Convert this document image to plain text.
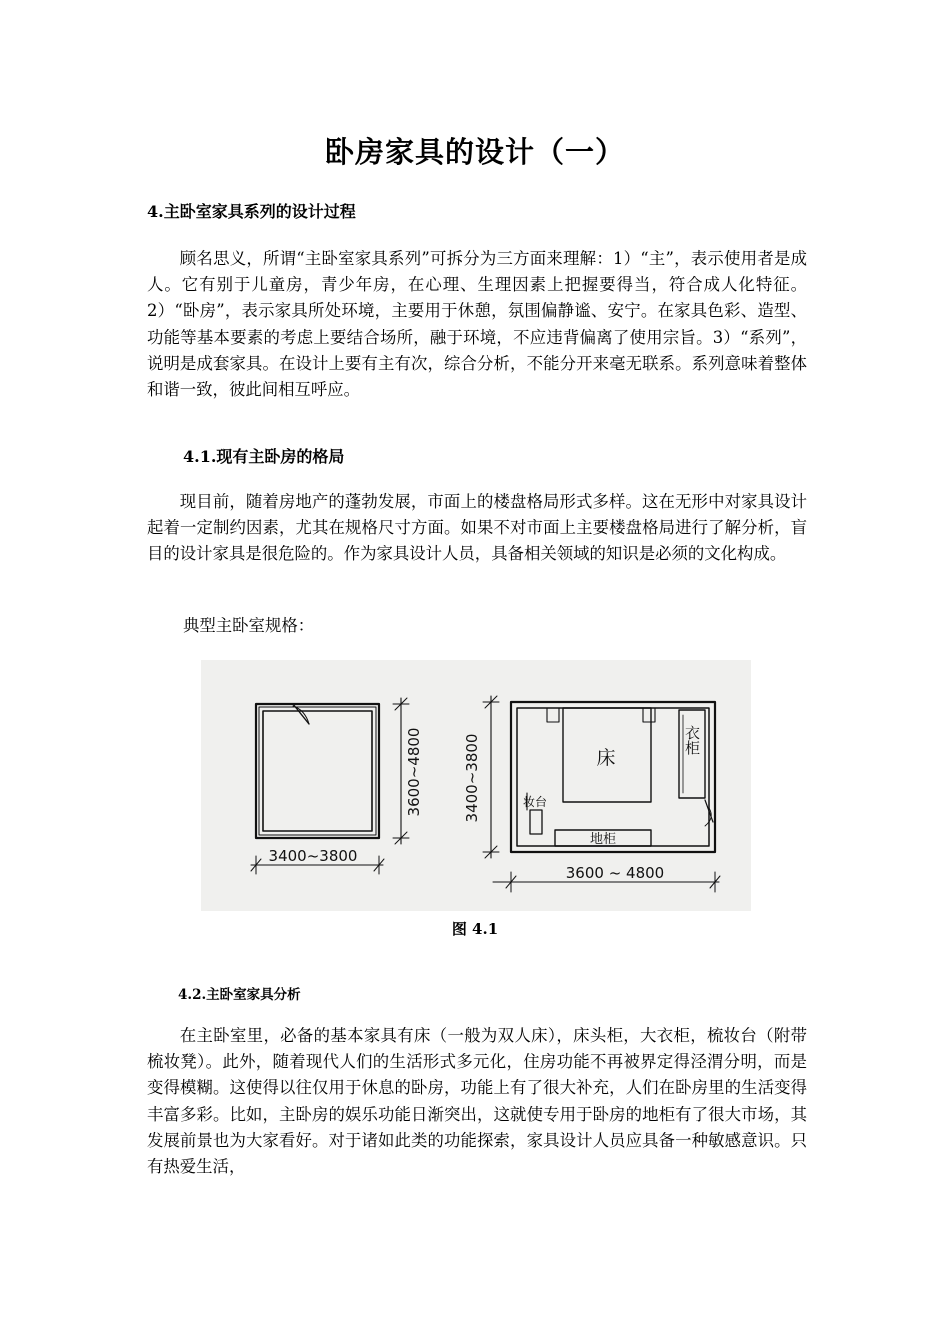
卧房家具的设计（一）
4.主卧室家具系列的设计过程

顾名思义，所谓“主卧室家具系列”可拆分为三方面来理解：1）“主”，表示使用者是成人。它有别于儿童房，青少年房，在心理、生理因素上把握要得当，符合成人化特征。2）“卧房”，表示家具所处环境，主要用于休憩，氛围偏静谧、安宁。在家具色彩、造型、功能等基本要素的考虑上要结合场所，融于环境，不应违背偏离了使用宗旨。3）“系列”，说明是成套家具。在设计上要有主有次，综合分析，不能分开来毫无联系。系列意味着整体和谐一致，彼此间相互呼应。

4.1.现有主卧房的格局

现目前，随着房地产的蓬勃发展，市面上的楼盘格局形式多样。这在无形中对家具设计起着一定制约因素，尤其在规格尺寸方面。如果不对市面上主要楼盘格局进行了解分析，盲目的设计家具是很危险的。作为家具设计人员，具备相关领域的知识是必须的文化构成。

典型主卧室规格：

3400~3800
3600~4800	床
衣柜
妆台
地柜
3600 ~ 4800
3400~3800

图 4.1

4.2.主卧室家具分析

在主卧室里，必备的基本家具有床（一般为双人床），床头柜，大衣柜，梳妆台（附带梳妆凳）。此外，随着现代人们的生活形式多元化，住房功能不再被界定得泾渭分明，而是变得模糊。这使得以往仅用于休息的卧房，功能上有了很大补充，人们在卧房里的生活变得丰富多彩。比如，主卧房的娱乐功能日渐突出，这就使专用于卧房的地柜有了很大市场，其发展前景也为大家看好。对于诸如此类的功能探索，家具设计人员应具备一种敏感意识。只有热爱生活，
